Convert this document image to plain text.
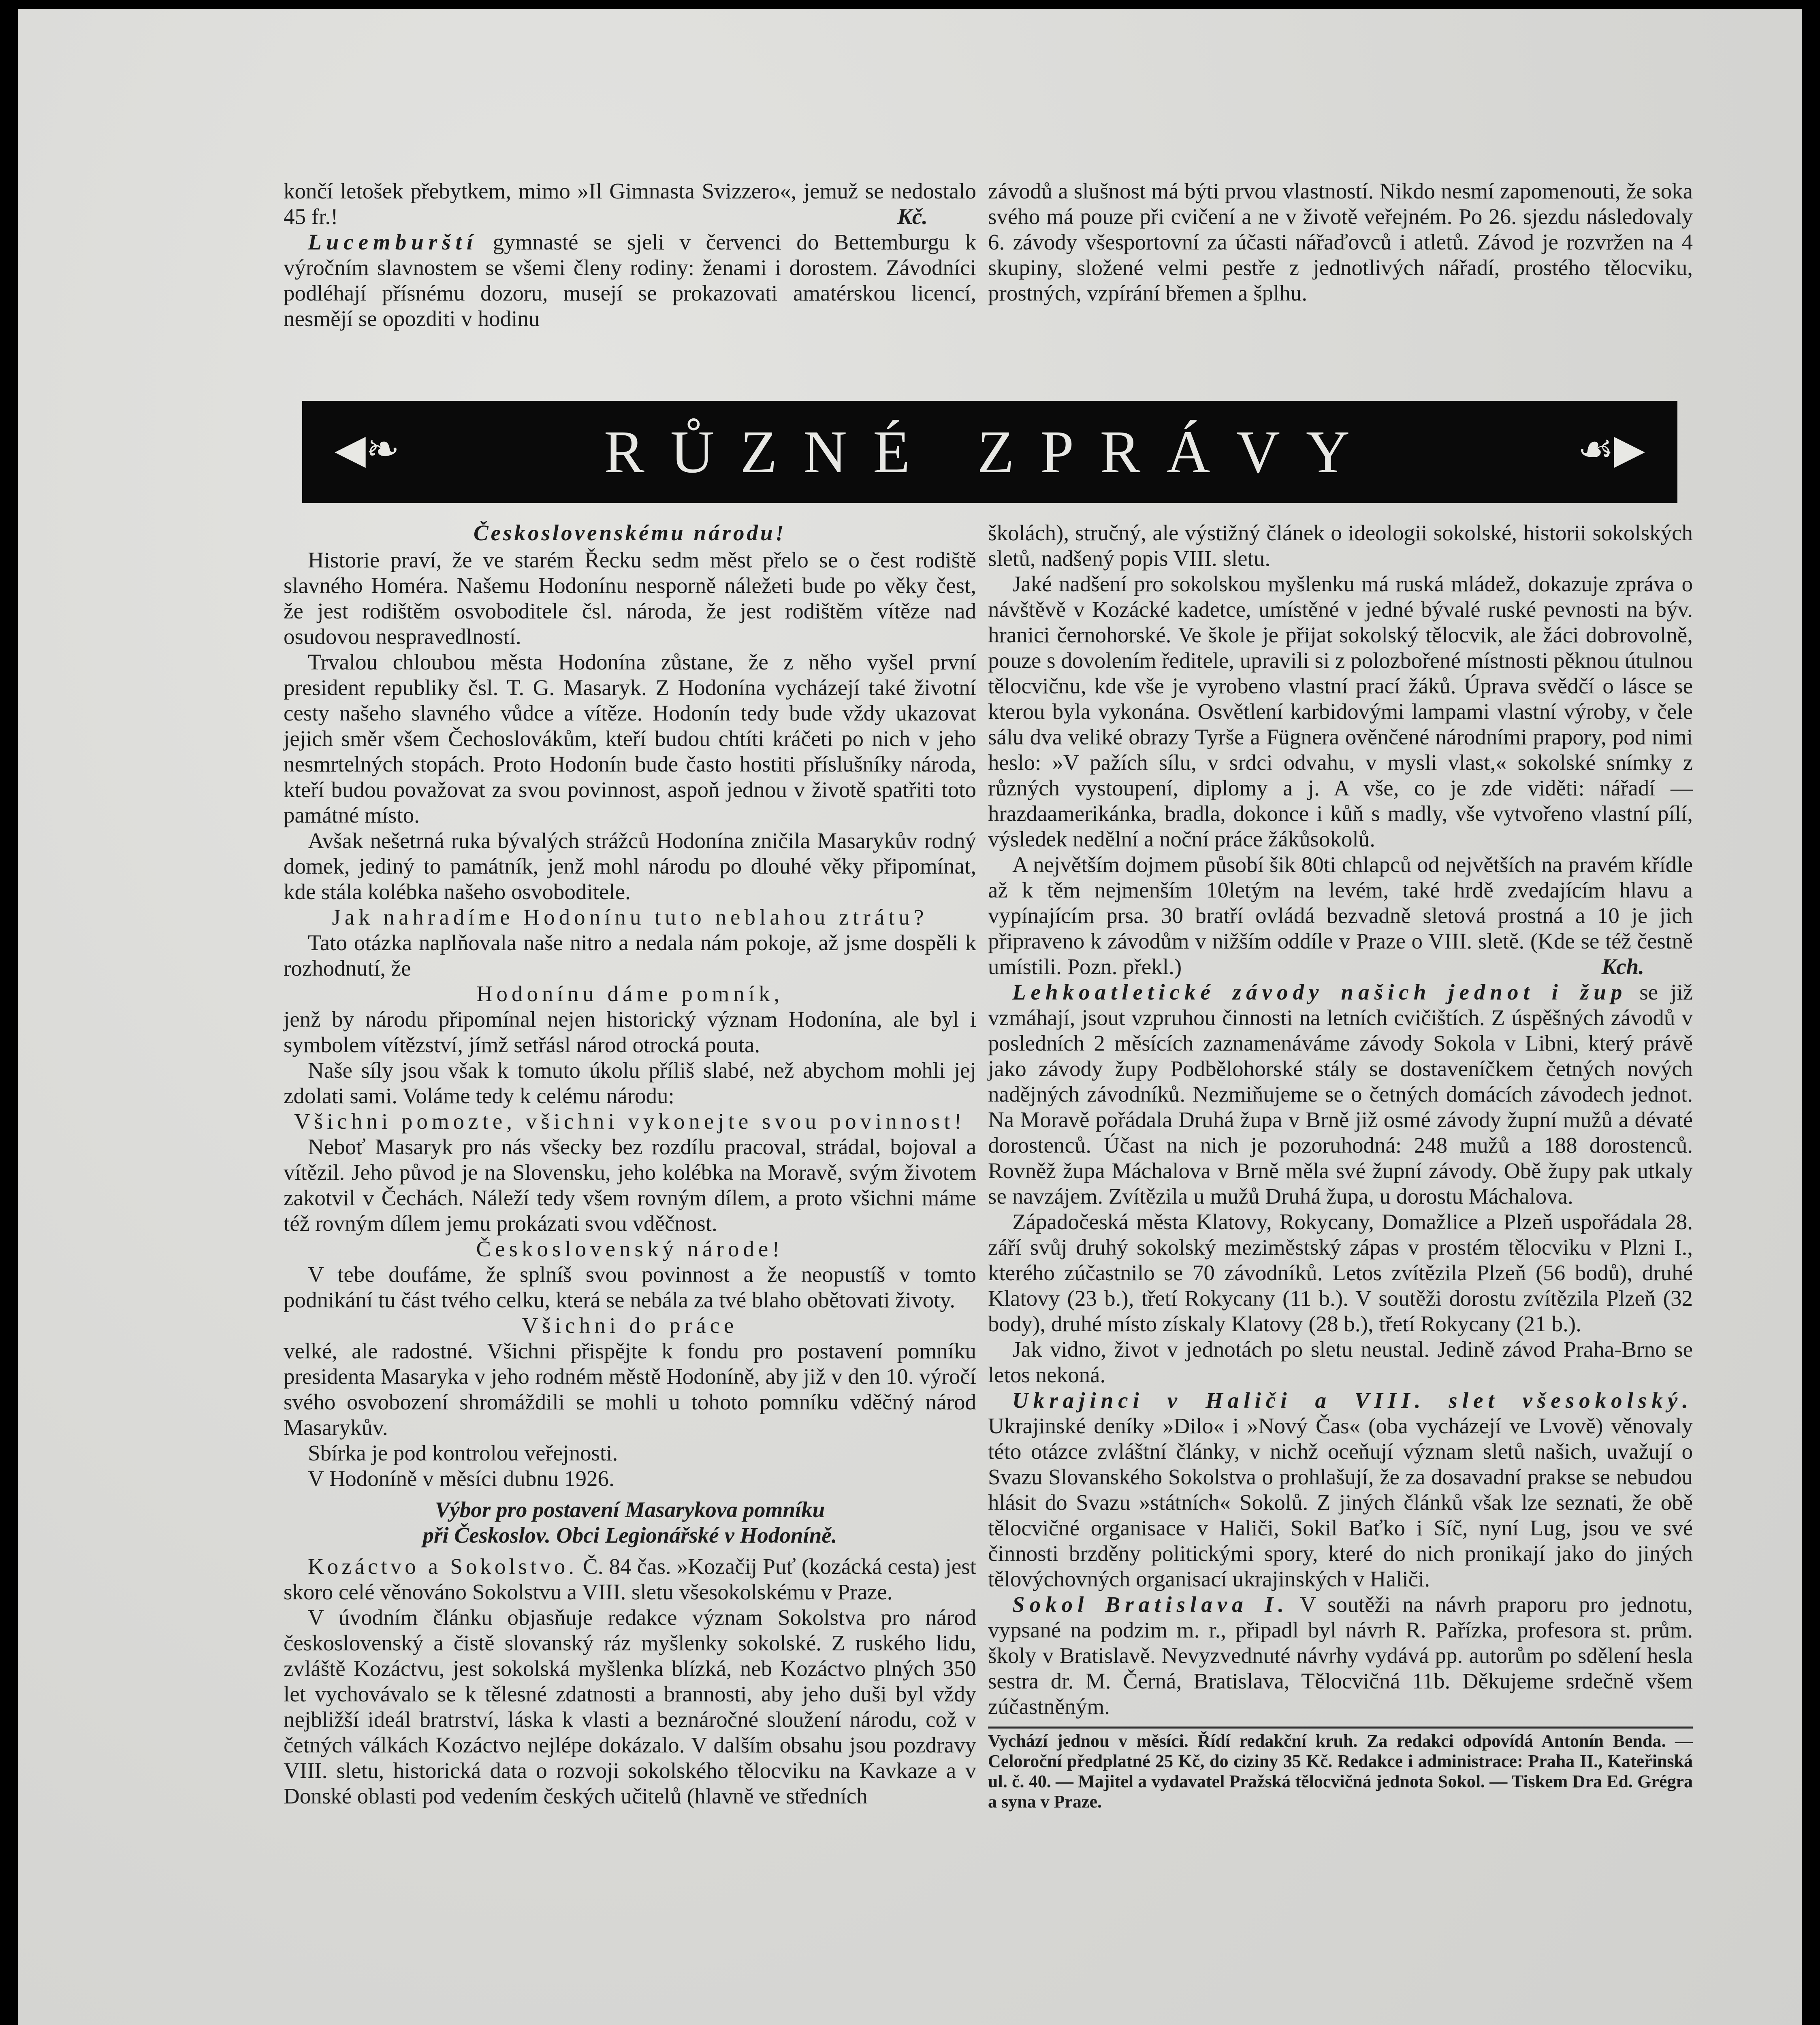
končí letošek přebytkem, mimo »Il Gimnasta Svizzero«, jemuž se nedostalo 45 fr.!	Kč.

Lucemburští gymnasté se sjeli v červenci do Bettemburgu k výročním slavnostem se všemi členy rodiny: ženami i dorostem. Závodníci podléhají přísnému dozoru, musejí se prokazovati amatérskou licencí, nesmějí se opozditi v hodinu

závodů a slušnost má býti prvou vlastností. Nikdo nesmí zapomenouti, že soka svého má pouze při cvičení a ne v životě veřejném. Po 26. sjezdu následovaly 6. závody všesportovní za účasti nářaďovců i atletů. Závod je rozvržen na 4 skupiny, složené velmi pestře z jednotlivých nářadí, prostého tělocviku, prostných, vzpírání břemen a šplhu.

◀❧	RŮZNÉ ZPRÁVY	☙▶

Československému národu!

Historie praví, že ve starém Řecku sedm měst přelo se o čest rodiště slavného Homéra. Našemu Hodonínu nesporně náležeti bude po věky čest, že jest rodištěm osvoboditele čsl. národa, že jest rodištěm vítěze nad osudovou nespravedlností.

Trvalou chloubou města Hodonína zůstane, že z něho vyšel první president republiky čsl. T. G. Masaryk. Z Hodonína vycházejí také životní cesty našeho slavného vůdce a vítěze. Hodonín tedy bude vždy ukazovat jejich směr všem Čechoslovákům, kteří budou chtíti kráčeti po nich v jeho nesmrtelných stopách. Proto Hodonín bude často hostiti příslušníky národa, kteří budou považovat za svou povinnost, aspoň jednou v životě spatřiti toto památné místo.

Avšak nešetrná ruka bývalých strážců Hodonína zničila Masarykův rodný domek, jediný to památník, jenž mohl národu po dlouhé věky připomínat, kde stála kolébka našeho osvoboditele.

Jak nahradíme Hodonínu tuto neblahou ztrátu?

Tato otázka naplňovala naše nitro a nedala nám pokoje, až jsme dospěli k rozhodnutí, že

Hodonínu dáme pomník,

jenž by národu připomínal nejen historický význam Hodonína, ale byl i symbolem vítězství, jímž setřásl národ otrocká pouta.

Naše síly jsou však k tomuto úkolu příliš slabé, než abychom mohli jej zdolati sami. Voláme tedy k celému národu:

Všichni pomozte, všichni vykonejte svou povinnost!

Neboť Masaryk pro nás všecky bez rozdílu pracoval, strádal, bojoval a vítězil. Jeho původ je na Slovensku, jeho kolébka na Moravě, svým životem zakotvil v Čechách. Náleží tedy všem rovným dílem, a proto všichni máme též rovným dílem jemu prokázati svou vděčnost.

Československý národe!

V tebe doufáme, že splníš svou povinnost a že neopustíš v tomto podnikání tu část tvého celku, která se nebála za tvé blaho obětovati životy.

Všichni do práce

velké, ale radostné. Všichni přispějte k fondu pro postavení pomníku presidenta Masaryka v jeho rodném městě Hodoníně, aby již v den 10. výročí svého osvobození shromáždili se mohli u tohoto pomníku vděčný národ Masarykův.

Sbírka je pod kontrolou veřejnosti.

V Hodoníně v měsíci dubnu 1926.

Výbor pro postavení Masarykova pomníku

při Českoslov. Obci Legionářské v Hodoníně.

Kozáctvo a Sokolstvo. Č. 84 čas. »Kozačij Puť (kozácká cesta) jest skoro celé věnováno Sokolstvu a VIII. sletu všesokolskému v Praze.

V úvodním článku objasňuje redakce význam Sokolstva pro národ československý a čistě slovanský ráz myšlenky sokolské. Z ruského lidu, zvláště Kozáctvu, jest sokolská myšlenka blízká, neb Kozáctvo plných 350 let vychovávalo se k tělesné zdatnosti a brannosti, aby jeho duši byl vždy nejbližší ideál bratrství, láska k vlasti a beznáročné sloužení národu, což v četných válkách Kozáctvo nejlépe dokázalo. V dalším obsahu jsou pozdravy VIII. sletu, historická data o rozvoji sokolského tělocviku na Kavkaze a v Donské oblasti pod vedením českých učitelů (hlavně ve středních

školách), stručný, ale výstižný článek o ideologii sokolské, historii sokolských sletů, nadšený popis VIII. sletu.

Jaké nadšení pro sokolskou myšlenku má ruská mládež, dokazuje zpráva o návštěvě v Kozácké kadetce, umístěné v jedné bývalé ruské pevnosti na býv. hranici černohorské. Ve škole je přijat sokolský tělocvik, ale žáci dobrovolně, pouze s dovolením ředitele, upravili si z polozbořené místnosti pěknou útulnou tělocvičnu, kde vše je vyrobeno vlastní prací žáků. Úprava svědčí o lásce se kterou byla vykonána. Osvětlení karbidovými lampami vlastní výroby, v čele sálu dva veliké obrazy Tyrše a Fügnera ověnčené národními prapory, pod nimi heslo: »V pažích sílu, v srdci odvahu, v mysli vlast,« sokolské snímky z různých vystoupení, diplomy a j. A vše, co je zde viděti: nářadí — hrazdaamerikánka, bradla, dokonce i kůň s madly, vše vytvořeno vlastní pílí, výsledek nedělní a noční práce žákůsokolů.

A největším dojmem působí šik 80ti chlapců od největších na pravém křídle až k těm nejmenším 10letým na levém, také hrdě zvedajícím hlavu a vypínajícím prsa. 30 bratří ovládá bezvadně sletová prostná a 10 je jich připraveno k závodům v nižším oddíle v Praze o VIII. sletě. (Kde se též čestně umístili. Pozn. překl.)	Kch.

Lehkoatletické závody našich jednot i žup se již vzmáhají, jsout vzpruhou činnosti na letních cvičištích. Z úspěšných závodů v posledních 2 měsících zaznamenáváme závody Sokola v Libni, který právě jako závody župy Podbělohorské stály se dostaveníčkem četných nových nadějných závodníků. Nezmiňujeme se o četných domácích závodech jednot. Na Moravě pořádala Druhá župa v Brně již osmé závody župní mužů a dévaté dorostenců. Účast na nich je pozoruhodná: 248 mužů a 188 dorostenců. Rovněž župa Máchalova v Brně měla své župní závody. Obě župy pak utkaly se navzájem. Zvítězila u mužů Druhá župa, u dorostu Máchalova.

Západočeská města Klatovy, Rokycany, Domažlice a Plzeň uspořádala 28. září svůj druhý sokolský meziměstský zápas v prostém tělocviku v Plzni I., kterého zúčastnilo se 70 závodníků. Letos zvítězila Plzeň (56 bodů), druhé Klatovy (23 b.), třetí Rokycany (11 b.). V soutěži dorostu zvítězila Plzeň (32 body), druhé místo získaly Klatovy (28 b.), třetí Rokycany (21 b.).

Jak vidno, život v jednotách po sletu neustal. Jedině závod Praha-Brno se letos nekoná.

Ukrajinci v Haliči a VIII. slet všesokolský. Ukrajinské deníky »Dilo« i »Nový Čas« (oba vycházejí ve Lvově) věnovaly této otázce zvláštní články, v nichž oceňují význam sletů našich, uvažují o Svazu Slovanského Sokolstva o prohlašují, že za dosavadní prakse se nebudou hlásit do Svazu »státních« Sokolů. Z jiných článků však lze seznati, že obě tělocvičné organisace v Haliči, Sokil Baťko i Síč, nyní Lug, jsou ve své činnosti brzděny politickými spory, které do nich pronikají jako do jiných tělovýchovných organisací ukrajinských v Haliči.

Sokol Bratislava I. V soutěži na návrh praporu pro jednotu, vypsané na podzim m. r., připadl byl návrh R. Pařízka, profesora st. prům. školy v Bratislavě. Nevyzvednuté návrhy vydává pp. autorům po sdělení hesla sestra dr. M. Černá, Bratislava, Tělocvičná 11b. Děkujeme srdečně všem zúčastněným.

Vychází jednou v měsíci. Řídí redakční kruh. Za redakci odpovídá Antonín Benda. — Celoroční předplatné 25 Kč, do ciziny 35 Kč. Redakce i administrace: Praha II., Kateřinská ul. č. 40. — Majitel a vydavatel Pražská tělocvičná jednota Sokol. — Tiskem Dra Ed. Grégra a syna v Praze.
